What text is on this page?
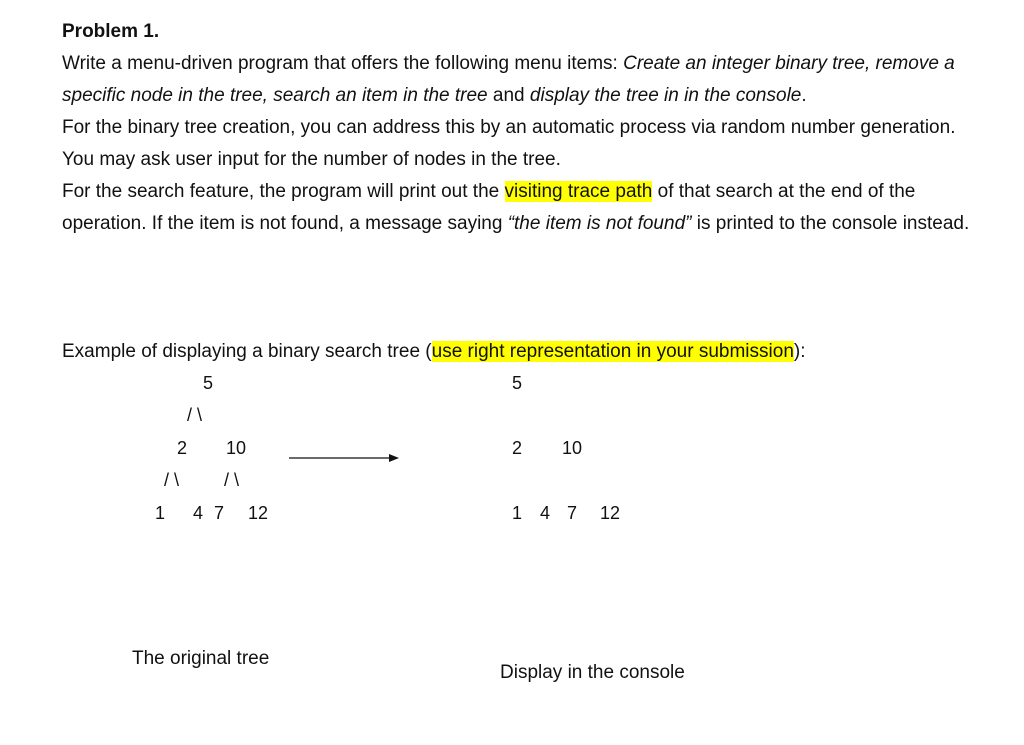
Problem 1.

Write a menu-driven program that offers the following menu items: Create an integer binary tree, remove a specific node in the tree, search an item in the tree and display the tree in in the console.

For the binary tree creation, you can address this by an automatic process via random number generation. You may ask user input for the number of nodes in the tree.

For the search feature, the program will print out the visiting trace path of that search at the end of the operation. If the item is not found, a message saying “the item is not found” is printed to the console instead.

Example of displaying a binary search tree (use right representation in your submission):
5
/ \
2 10
/ \ / \
1 4 7 12
5
2 10
1 4 7 12
The original tree
Display in the console
